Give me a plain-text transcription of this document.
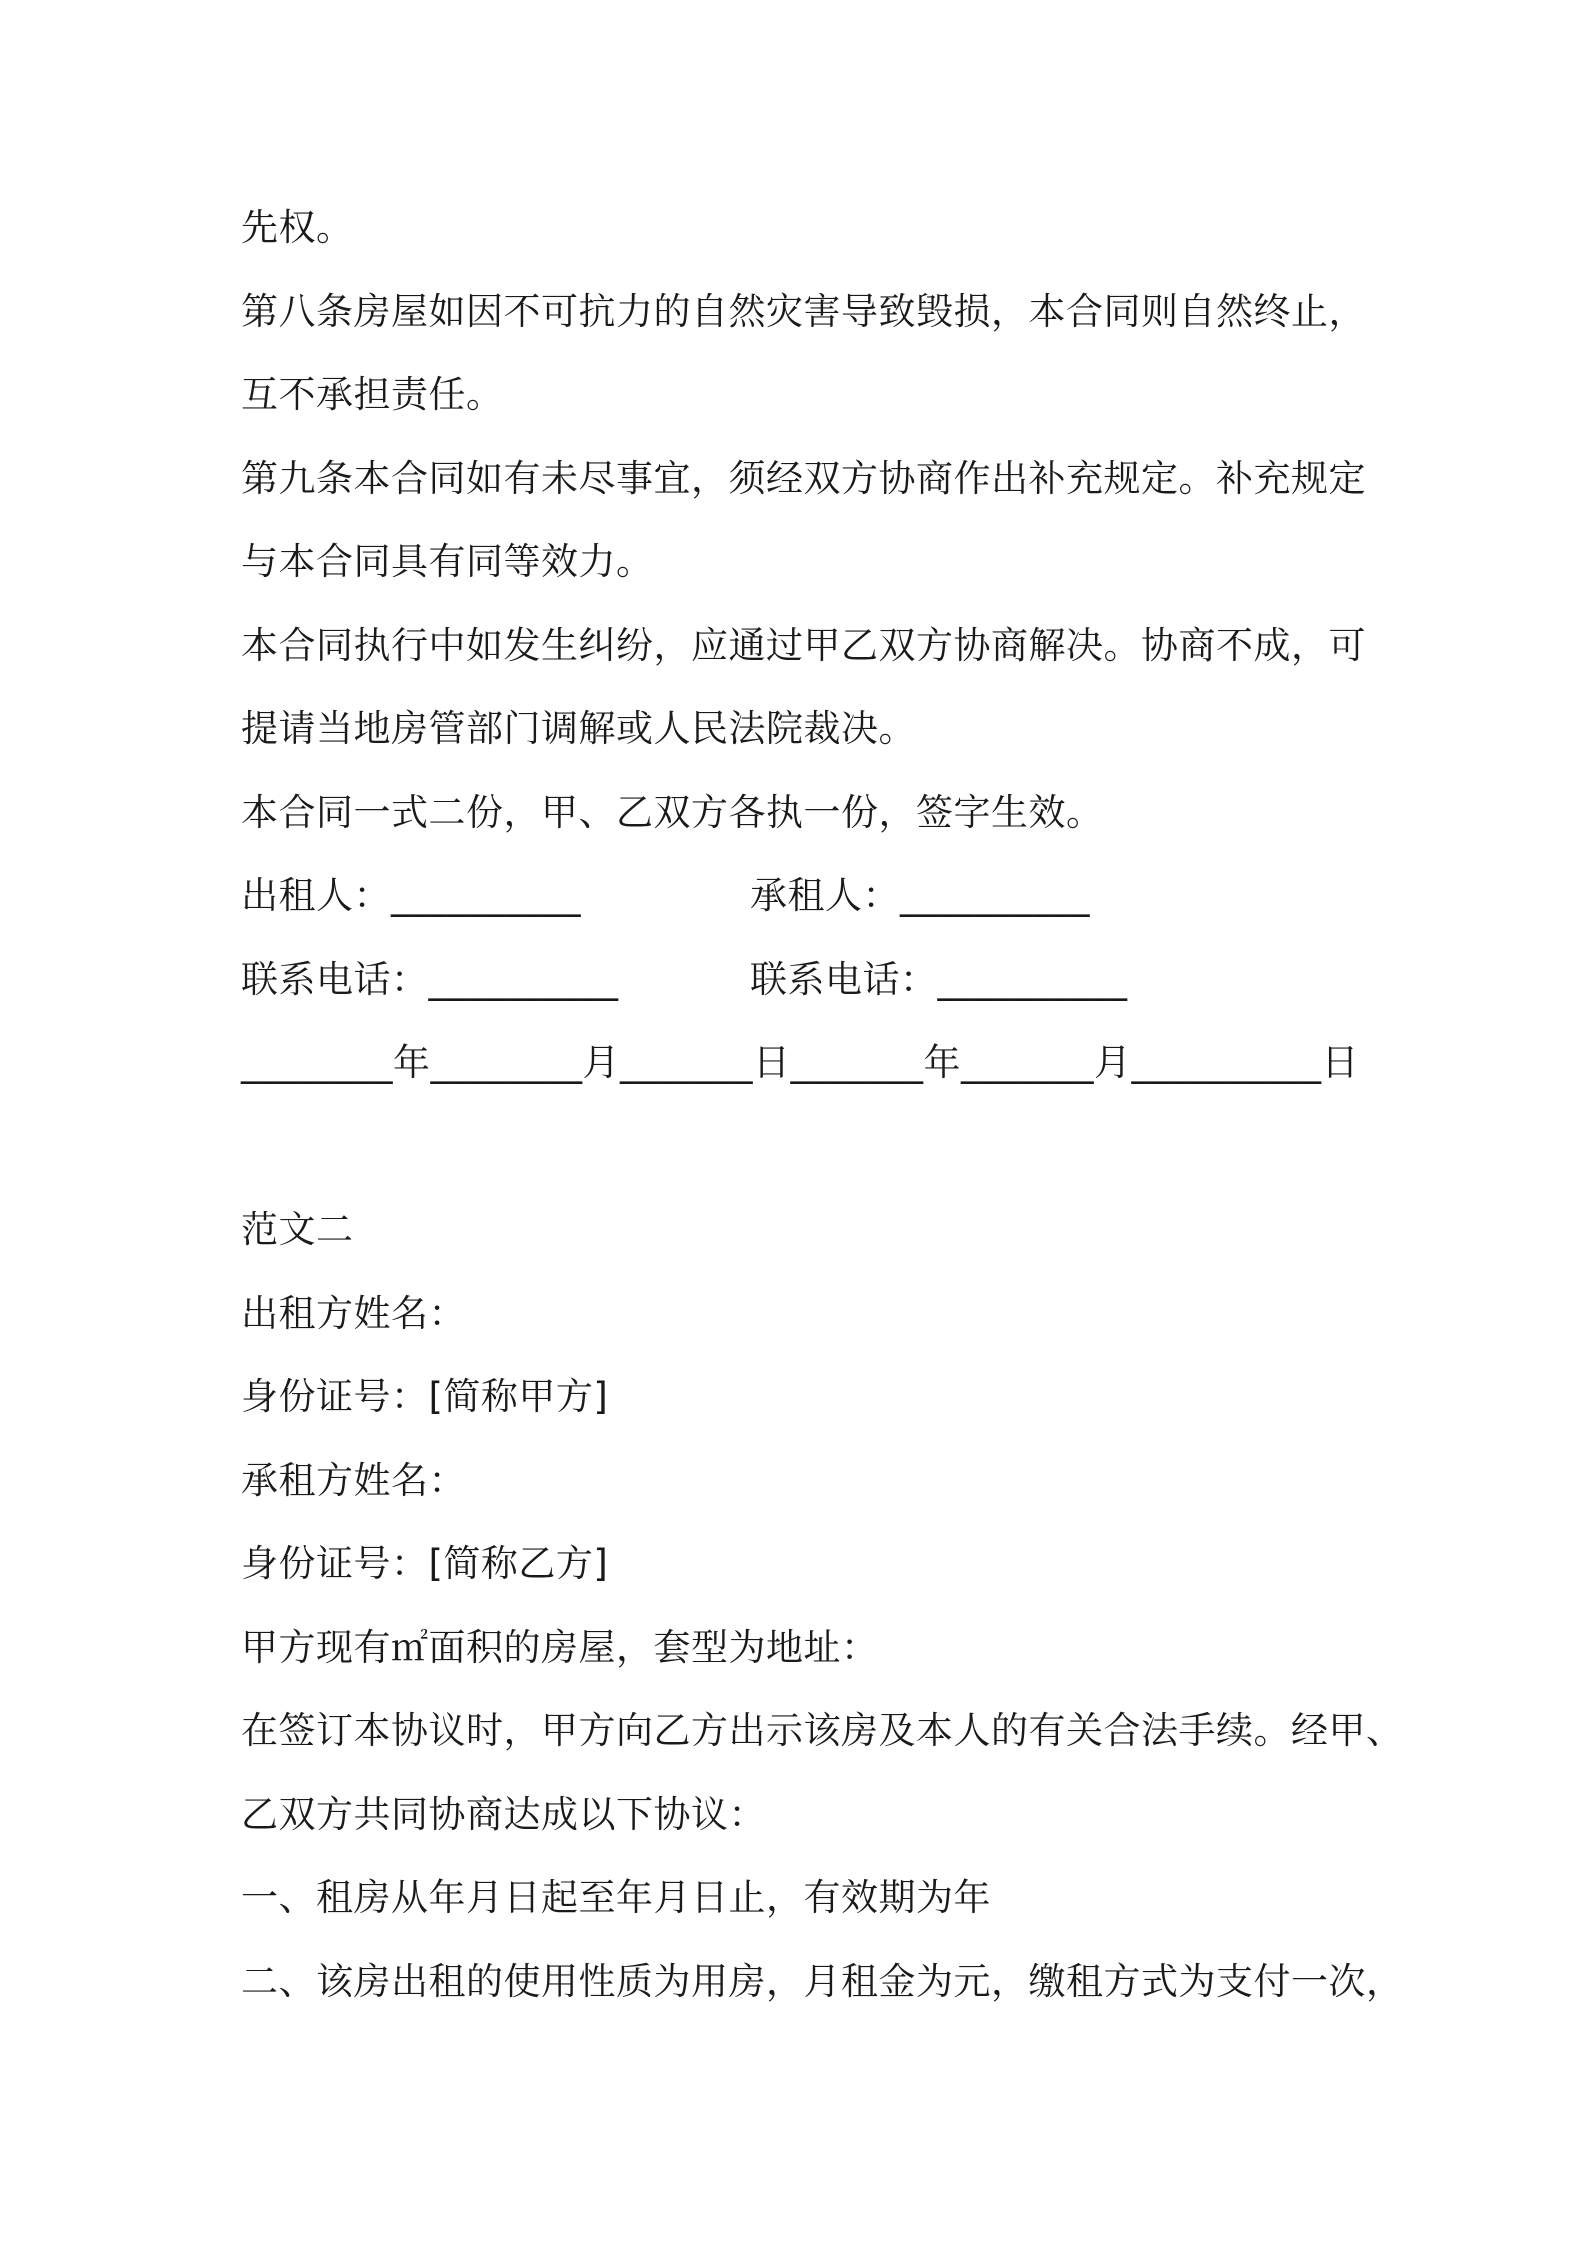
先权。
第八条房屋如因不可抗力的自然灾害导致毁损，本合同则自然终止，
互不承担责任。
第九条本合同如有未尽事宜，须经双方协商作出补充规定。补充规定
与本合同具有同等效力。
本合同执行中如发生纠纷，应通过甲乙双方协商解决。协商不成，可
提请当地房管部门调解或人民法院裁决。
本合同一式二份，甲、乙双方各执一份，签字生效。
出租人：__________	承租人：__________
联系电话：__________	联系电话：__________
________年________月_______日_______年_______月__________日
范文二
出租方姓名：
身份证号：[简称甲方]
承租方姓名：
身份证号：[简称乙方]
甲方现有㎡面积的房屋，套型为地址：
在签订本协议时，甲方向乙方出示该房及本人的有关合法手续。经甲、
乙双方共同协商达成以下协议：
一、租房从年月日起至年月日止，有效期为年
二、该房出租的使用性质为用房，月租金为元，缴租方式为支付一次，
